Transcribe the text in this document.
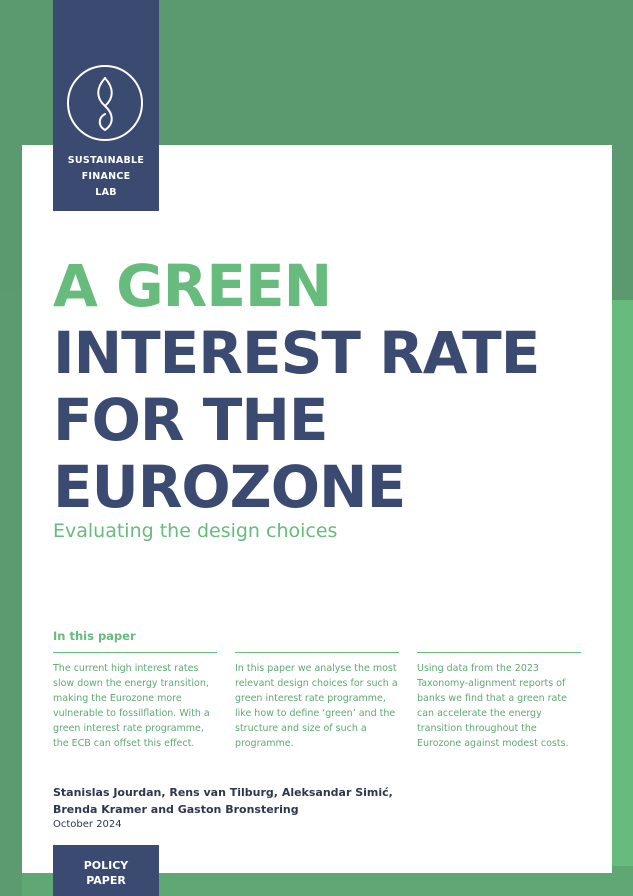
SUSTAINABLE
FINANCE
LAB
A GREEN
INTEREST RATE
FOR THE
EUROZONE
Evaluating the design choices
In this paper
The current high interest rates slow down the energy transition, making the Eurozone more vulnerable to fossilflation. With a green interest rate programme, the ECB can offset this effect.
In this paper we analyse the most relevant design choices for such a green interest rate programme, like how to define ‘green’ and the structure and size of such a programme.
Using data from the 2023 Taxonomy-alignment reports of banks we find that a green rate can accelerate the energy transition throughout the Eurozone against modest costs.
Stanislas Jourdan, Rens van Tilburg, Aleksandar Simić,
Brenda Kramer and Gaston Bronstering
October 2024
POLICY
PAPER
